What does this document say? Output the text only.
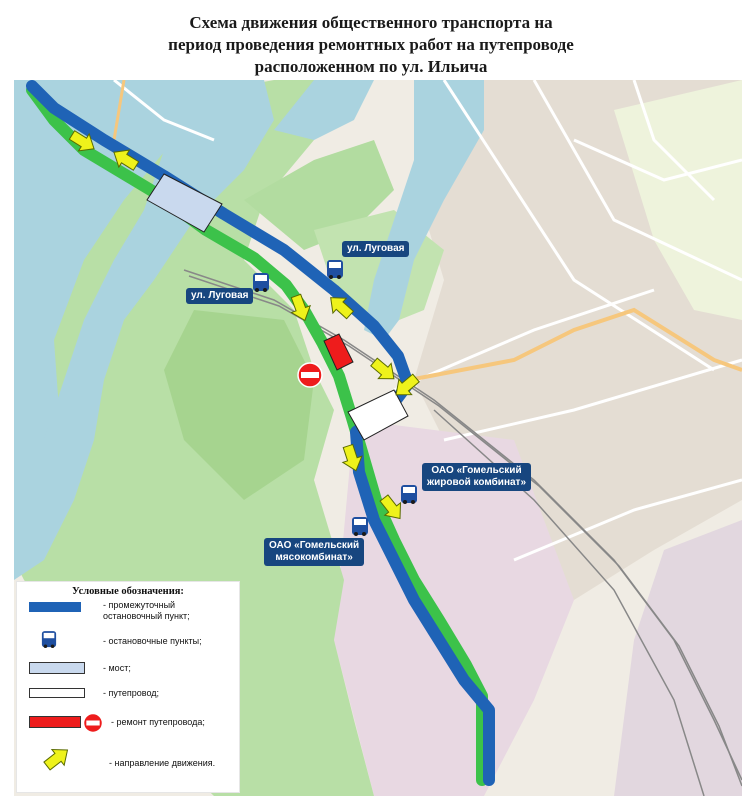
Схема движения общественного транспорта на
период проведения ремонтных работ на путепроводе
расположенном по ул. Ильича
ул. Луговая
ул. Луговая
ОАО «Гомельский
жировой комбинат»
ОАО «Гомельский
мясокомбинат»
Условные обозначения:
- промежуточный
остановочный пункт;
- остановочные пункты;
- мост;
- путепровод;
- ремонт путепровода;
- направление движения.
